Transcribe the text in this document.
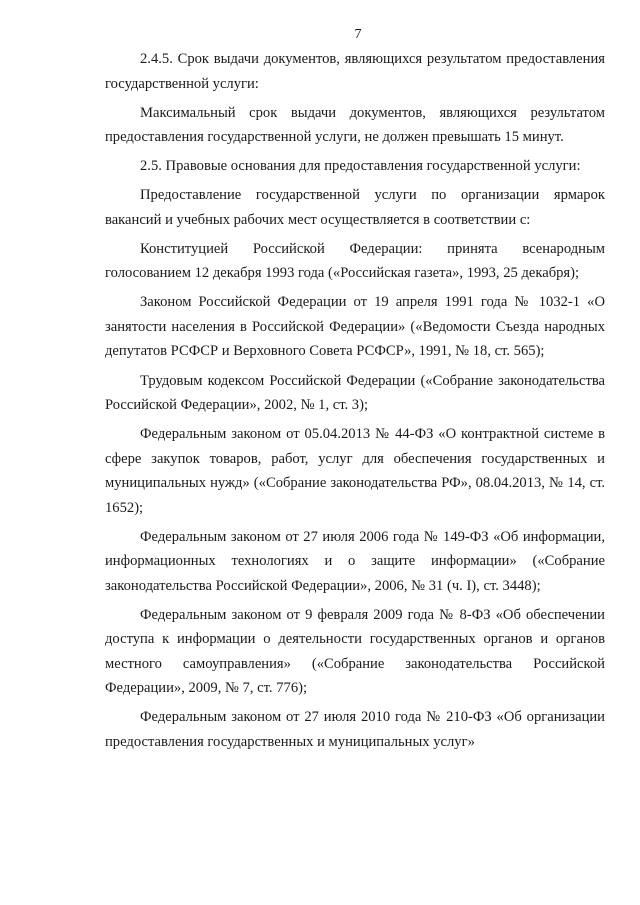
7

2.4.5. Срок выдачи документов, являющихся результатом предоставления государственной услуги:

Максимальный срок выдачи документов, являющихся результатом предоставления государственной услуги, не должен превышать 15 минут.

2.5. Правовые основания для предоставления государственной услуги:

Предоставление государственной услуги по организации ярмарок вакансий и учебных рабочих мест осуществляется в соответствии с:

Конституцией Российской Федерации: принята всенародным голосованием 12 декабря 1993 года («Российская газета», 1993, 25 декабря);

Законом Российской Федерации от 19 апреля 1991 года № 1032-1 «О занятости населения в Российской Федерации» («Ведомости Съезда народных депутатов РСФСР и Верховного Совета РСФСР», 1991, № 18, ст. 565);

Трудовым кодексом Российской Федерации («Собрание законодательства Российской Федерации», 2002, № 1, ст. 3);

Федеральным законом от 05.04.2013 № 44-ФЗ «О контрактной системе в сфере закупок товаров, работ, услуг для обеспечения государственных и муниципальных нужд» («Собрание законодательства РФ», 08.04.2013, № 14, ст. 1652);

Федеральным законом от 27 июля 2006 года № 149-ФЗ «Об информации, информационных технологиях и о защите информации» («Собрание законодательства Российской Федерации», 2006, № 31 (ч. I), ст. 3448);

Федеральным законом от 9 февраля 2009 года № 8-ФЗ «Об обеспечении доступа к информации о деятельности государственных органов и органов местного самоуправления» («Собрание законодательства Российской Федерации», 2009, № 7, ст. 776);

Федеральным законом от 27 июля 2010 года № 210-ФЗ «Об организации предоставления государственных и муниципальных услуг»
